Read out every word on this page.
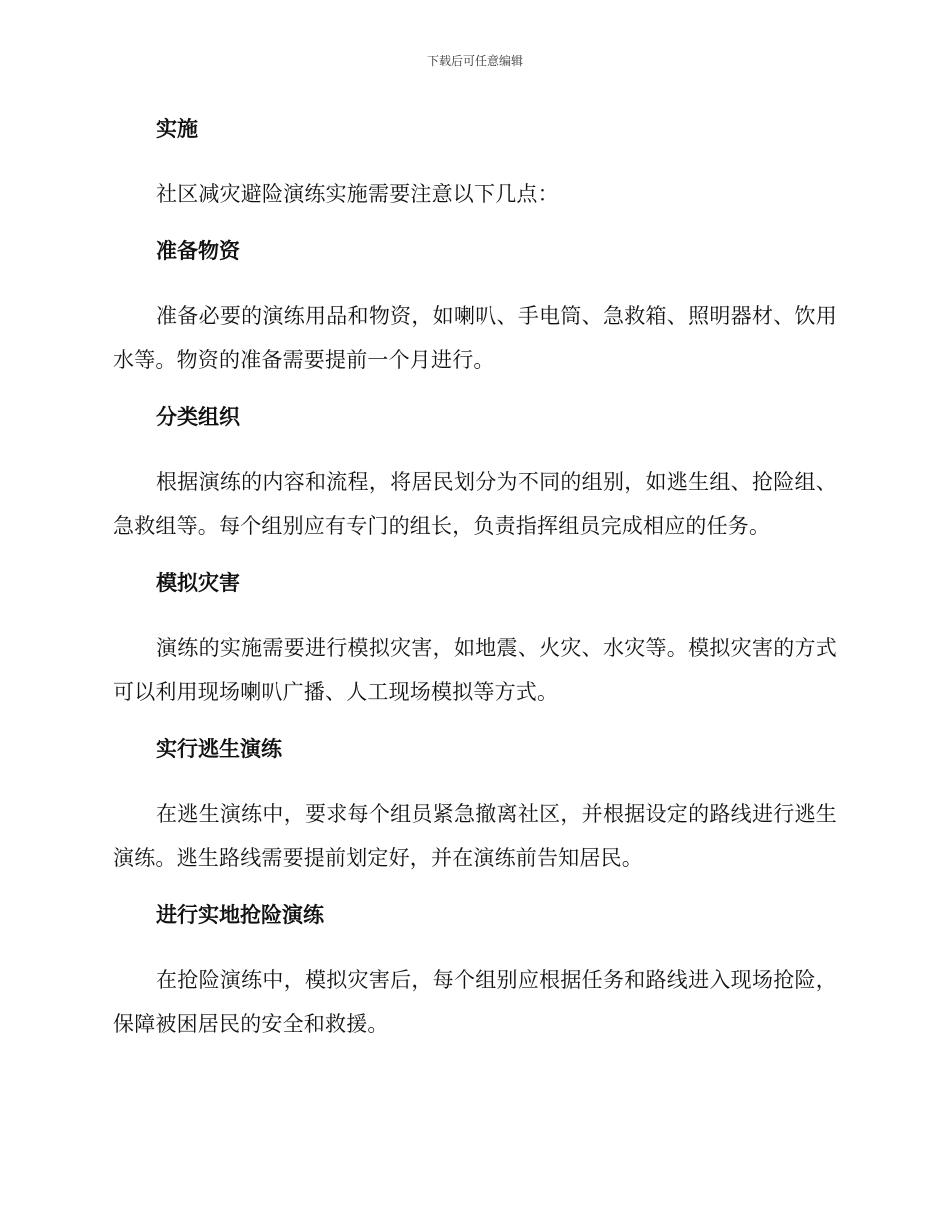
下载后可任意编辑
实施

社区减灾避险演练实施需要注意以下几点：

准备物资

准备必要的演练用品和物资，如喇叭、手电筒、急救箱、照明器材、饮用水等。物资的准备需要提前一个月进行。

分类组织

根据演练的内容和流程，将居民划分为不同的组别，如逃生组、抢险组、急救组等。每个组别应有专门的组长，负责指挥组员完成相应的任务。

模拟灾害

演练的实施需要进行模拟灾害，如地震、火灾、水灾等。模拟灾害的方式可以利用现场喇叭广播、人工现场模拟等方式。

实行逃生演练

在逃生演练中，要求每个组员紧急撤离社区，并根据设定的路线进行逃生演练。逃生路线需要提前划定好，并在演练前告知居民。

进行实地抢险演练

在抢险演练中，模拟灾害后，每个组别应根据任务和路线进入现场抢险，保障被困居民的安全和救援。
